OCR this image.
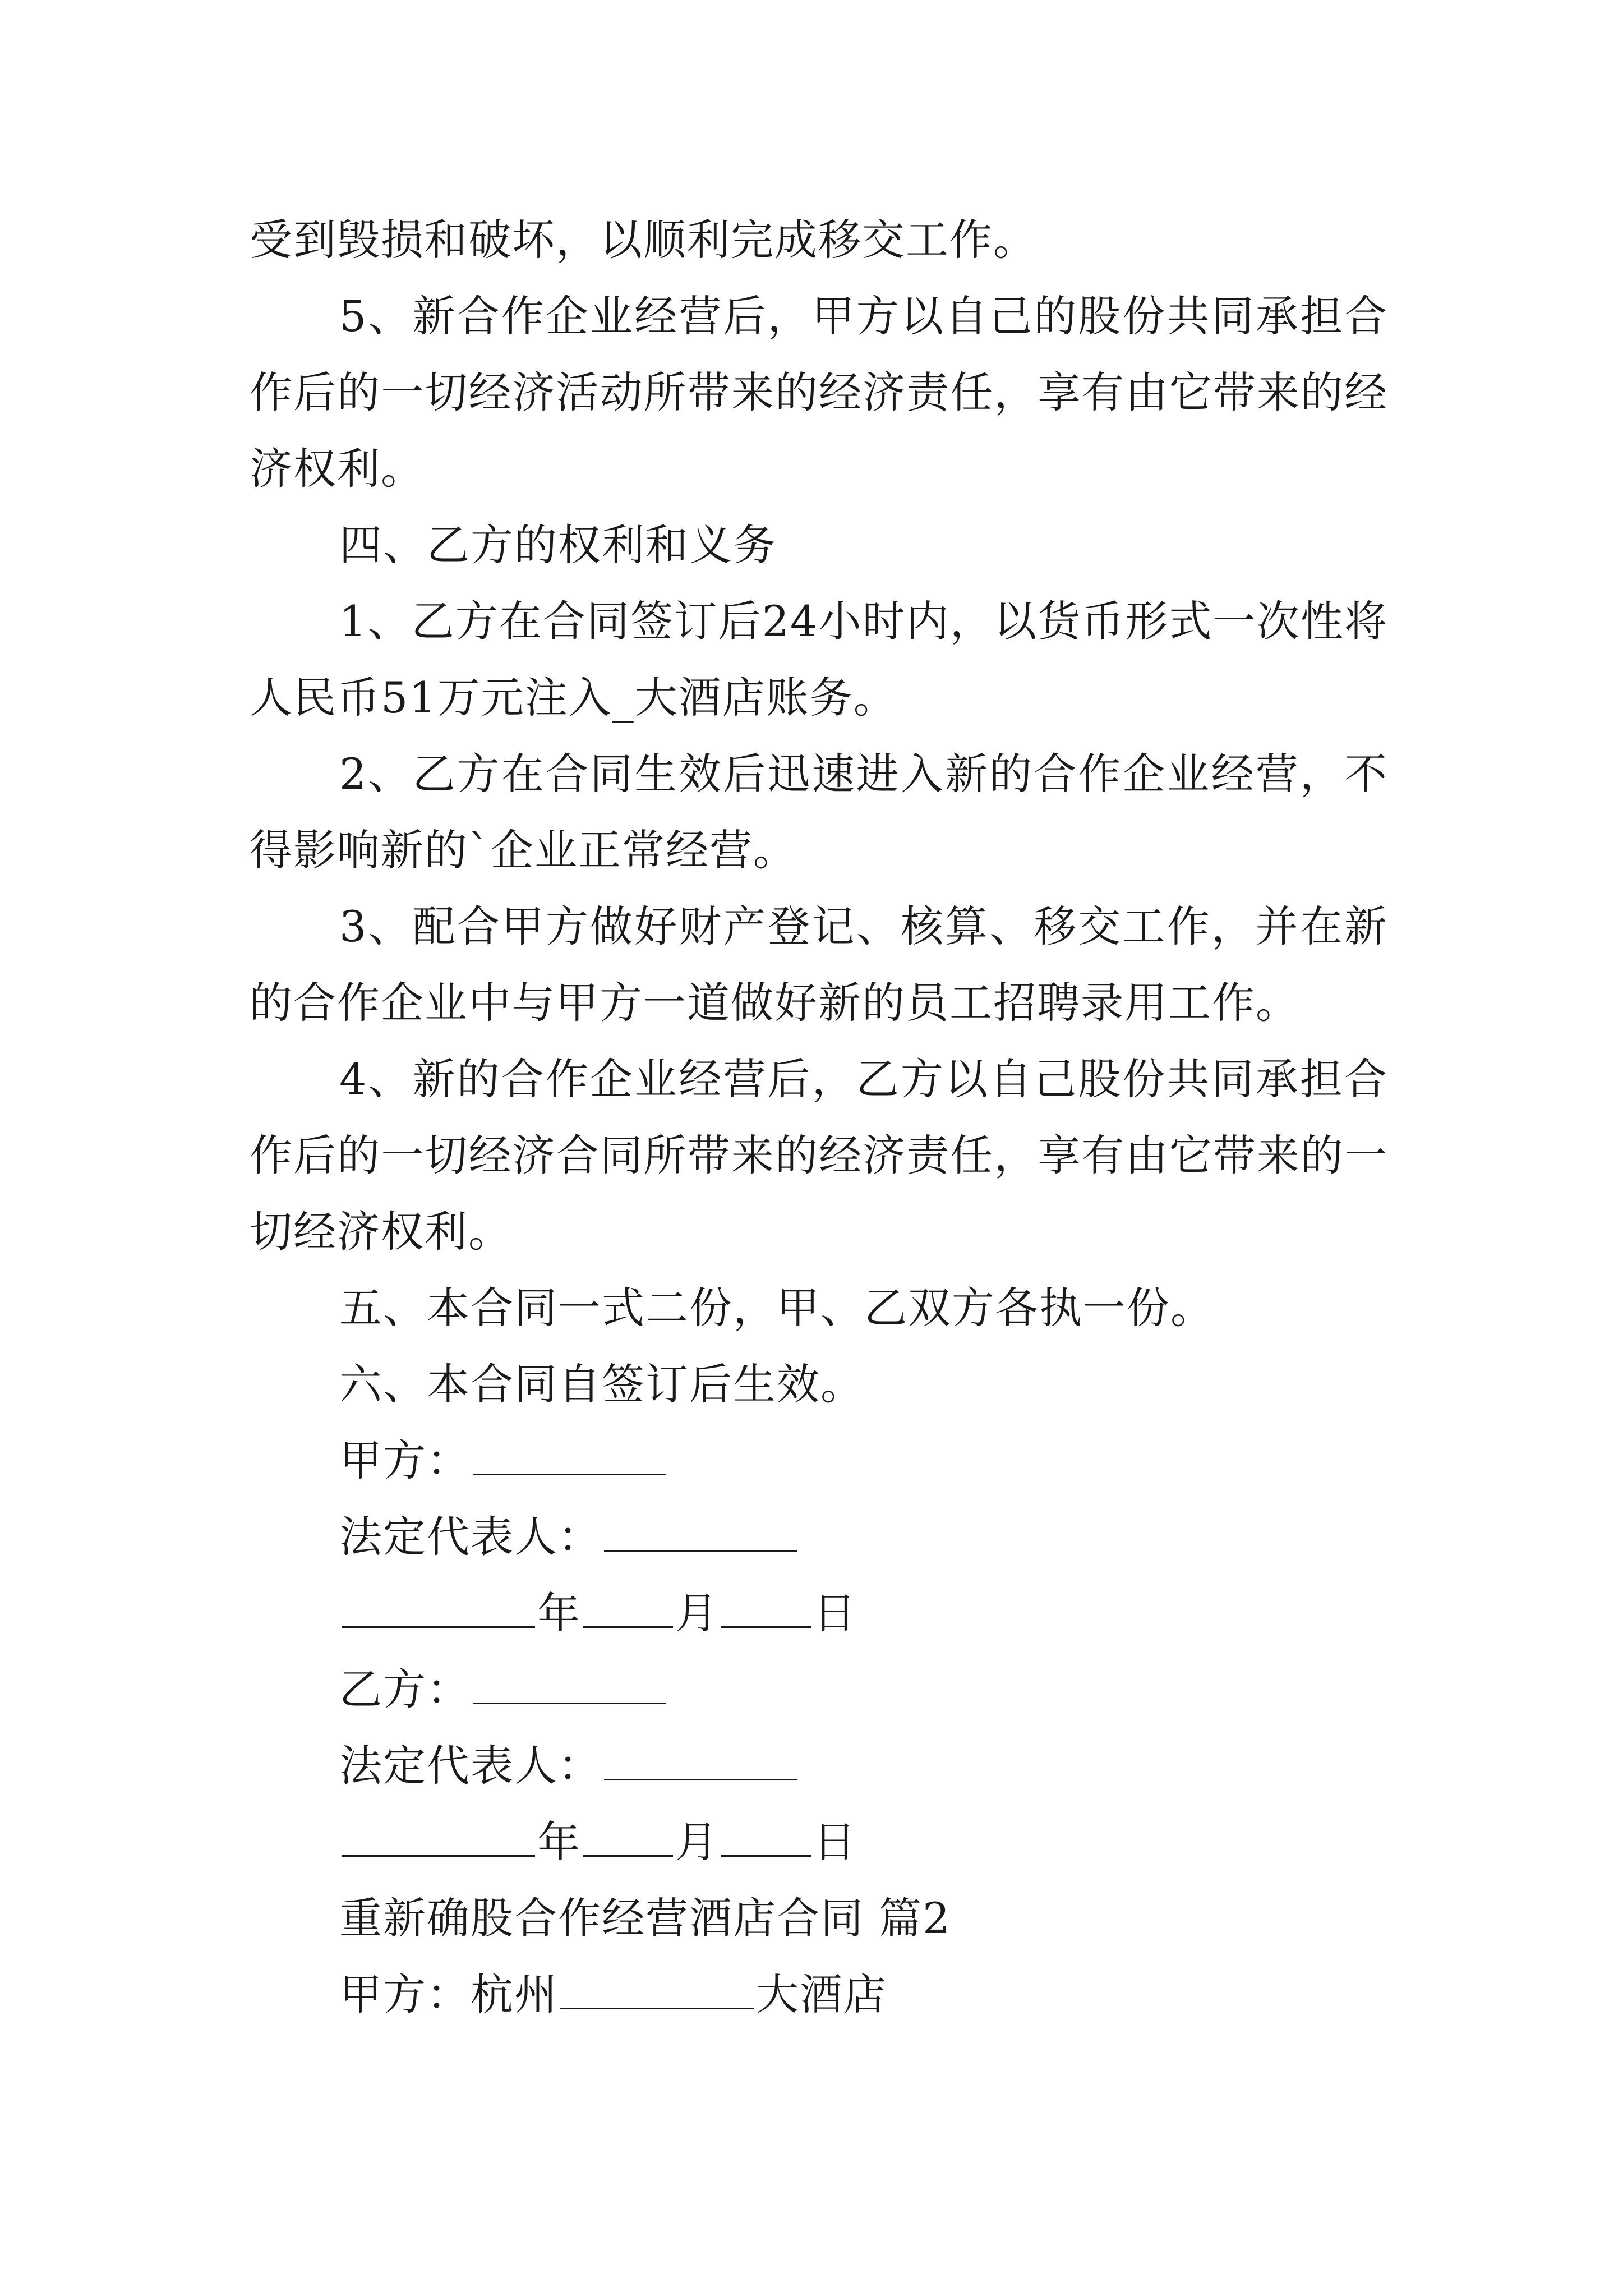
受到毁损和破坏，以顺利完成移交工作。

5、新合作企业经营后，甲方以自己的股份共同承担合作后的一切经济活动所带来的经济责任，享有由它带来的经济权利。

四、乙方的权利和义务

1、乙方在合同签订后24小时内，以货币形式一次性将人民币51万元注入_大酒店账务。

2、乙方在合同生效后迅速进入新的合作企业经营，不得影响新的`企业正常经营。

3、配合甲方做好财产登记、核算、移交工作，并在新的合作企业中与甲方一道做好新的员工招聘录用工作。

4、新的合作企业经营后，乙方以自己股份共同承担合作后的一切经济合同所带来的经济责任，享有由它带来的一切经济权利。

五、本合同一式二份，甲、乙双方各执一份。

六、本合同自签订后生效。

甲方：

法定代表人：

年 月 日

乙方：

法定代表人：

年 月 日

重新确股合作经营酒店合同 篇2

甲方：杭州	大酒店
